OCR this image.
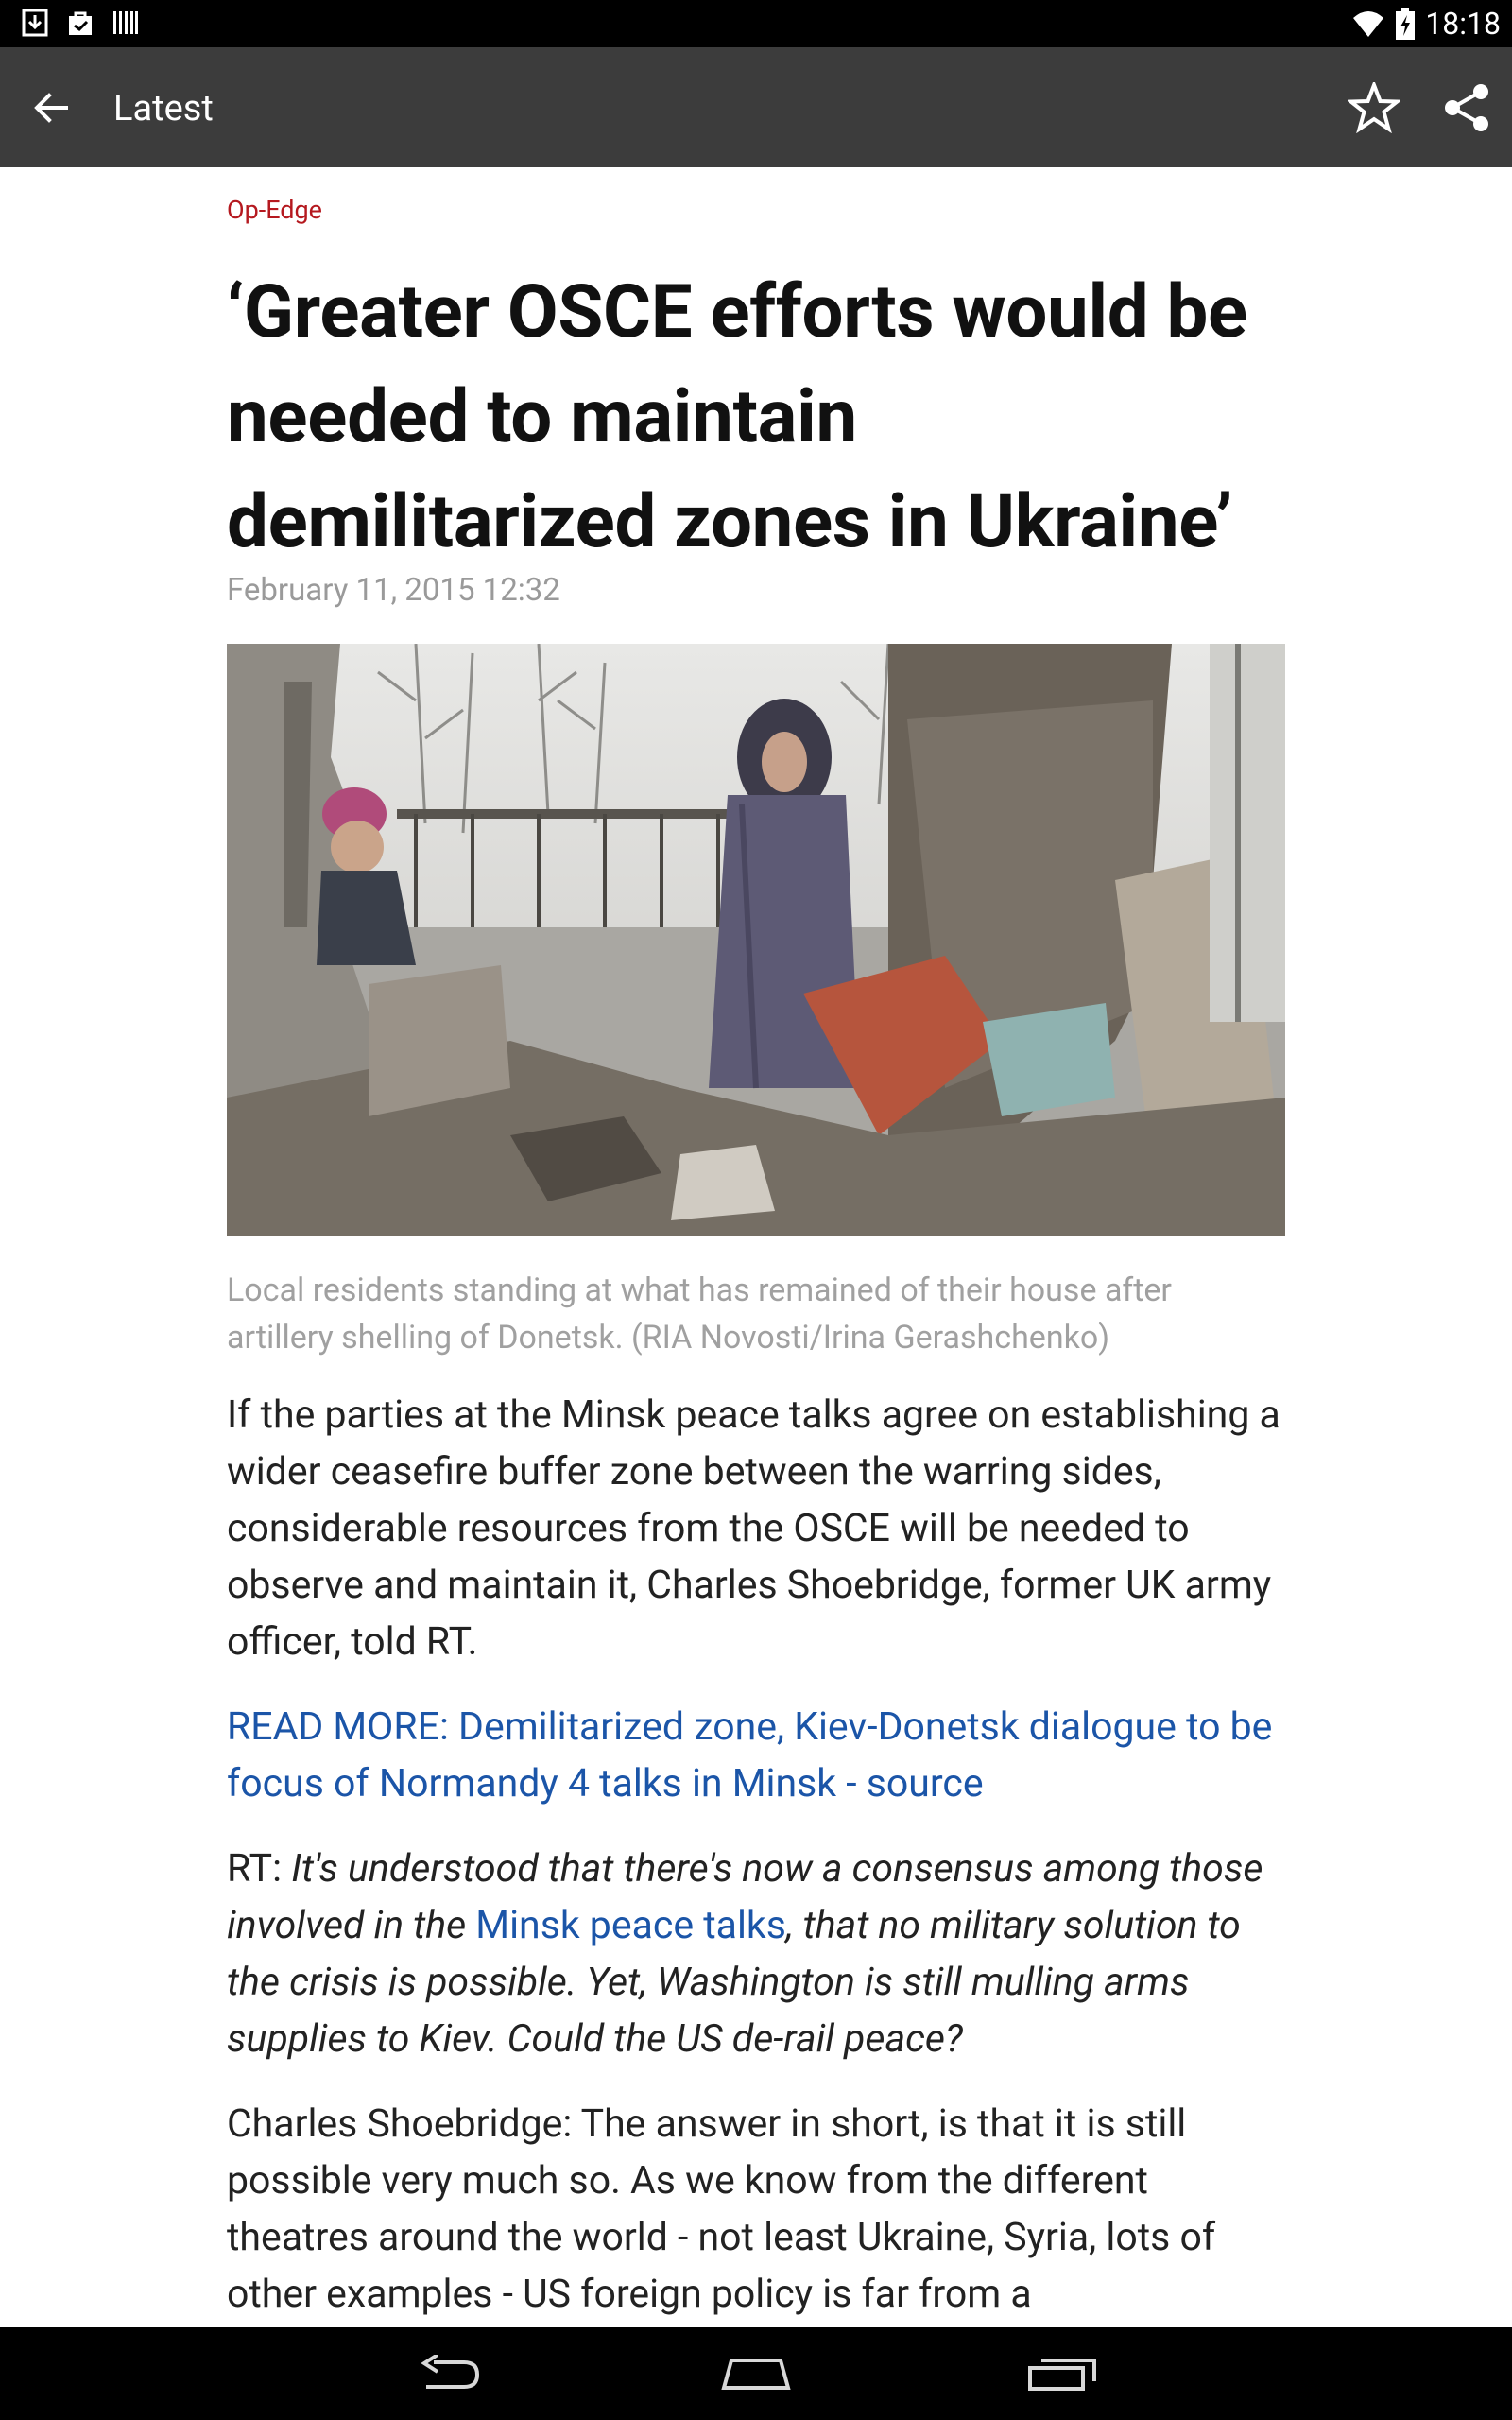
18:18
Latest
Op-Edge
‘Greater OSCE efforts would be needed to maintain demilitarized zones in Ukraine’
February 11, 2015 12:32
Local residents standing at what has remained of their house after artillery shelling of Donetsk. (RIA Novosti/Irina Gerashchenko)

If the parties at the Minsk peace talks agree on establishing a wider ceasefire buffer zone between the warring sides, considerable resources from the OSCE will be needed to observe and maintain it, Charles Shoebridge, former UK army officer, told RT.

READ MORE: Demilitarized zone, Kiev-Donetsk dialogue to be focus of Normandy 4 talks in Minsk - source

RT: It's understood that there's now a consensus among those involved in the Minsk peace talks, that no military solution to the crisis is possible. Yet, Washington is still mulling arms supplies to Kiev. Could the US de-rail peace?

Charles Shoebridge: The answer in short, is that it is still possible very much so. As we know from the different theatres around the world - not least Ukraine, Syria, lots of other examples - US foreign policy is far from a
